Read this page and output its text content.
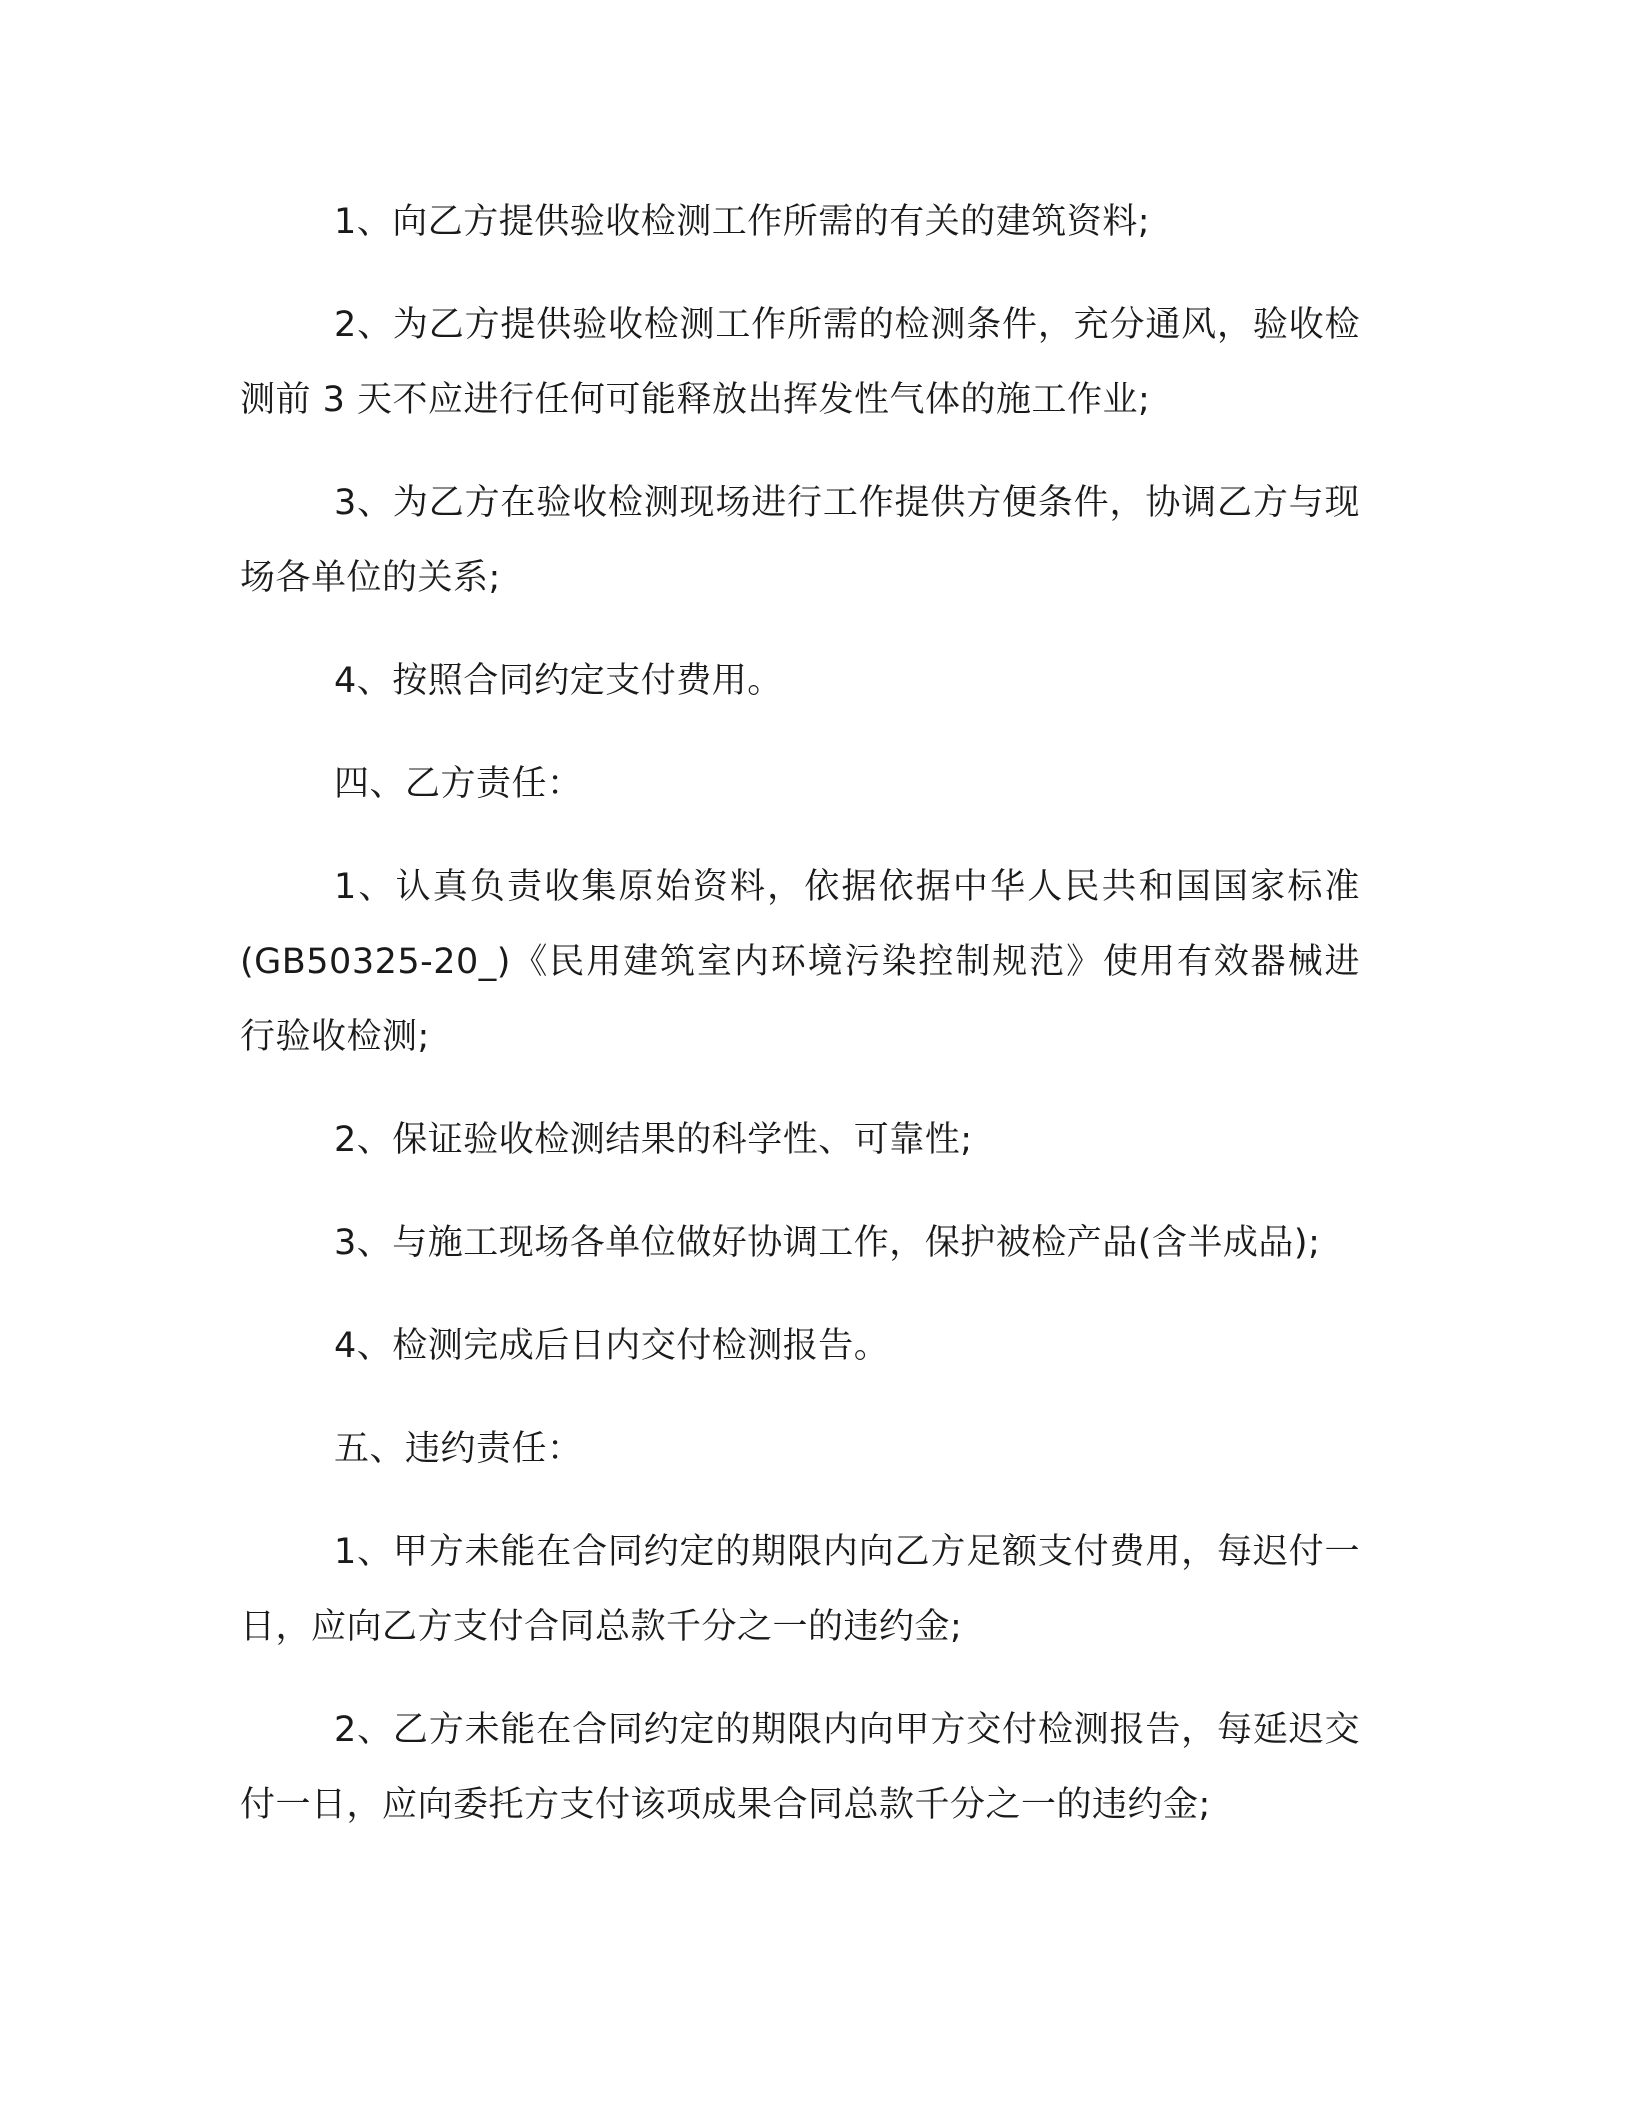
1、向乙方提供验收检测工作所需的有关的建筑资料;

2、为乙方提供验收检测工作所需的检测条件，充分通风，验收检测前 3 天不应进行任何可能释放出挥发性气体的施工作业;

3、为乙方在验收检测现场进行工作提供方便条件，协调乙方与现场各单位的关系;

4、按照合同约定支付费用。

四、乙方责任：

1、认真负责收集原始资料，依据依据中华人民共和国国家标准(GB50325-20_)《民用建筑室内环境污染控制规范》使用有效器械进行验收检测;

2、保证验收检测结果的科学性、可靠性;

3、与施工现场各单位做好协调工作，保护被检产品(含半成品);

4、检测完成后日内交付检测报告。

五、违约责任：

1、甲方未能在合同约定的期限内向乙方足额支付费用，每迟付一日，应向乙方支付合同总款千分之一的违约金;

2、乙方未能在合同约定的期限内向甲方交付检测报告，每延迟交付一日，应向委托方支付该项成果合同总款千分之一的违约金;
